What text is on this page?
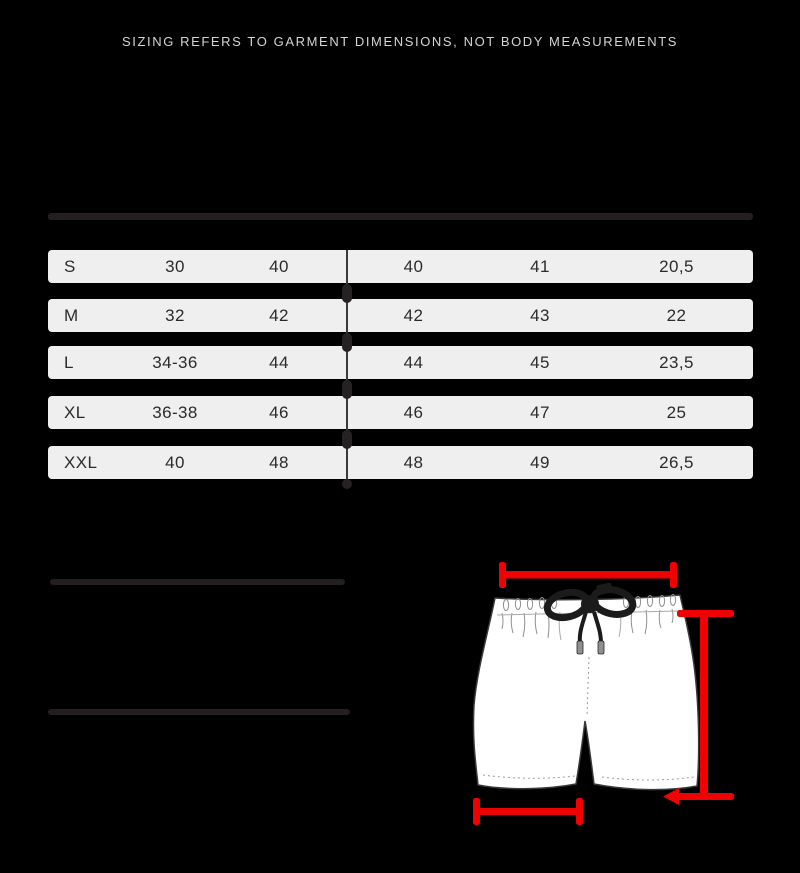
SIZING REFERS TO GARMENT DIMENSIONS, NOT BODY MEASUREMENTS
S	30	40	40	41	20,5
M	32	42	42	43	22
L	34-36	44	44	45	23,5
XL	36-38	46	46	47	25
XXL	40	48	48	49	26,5
